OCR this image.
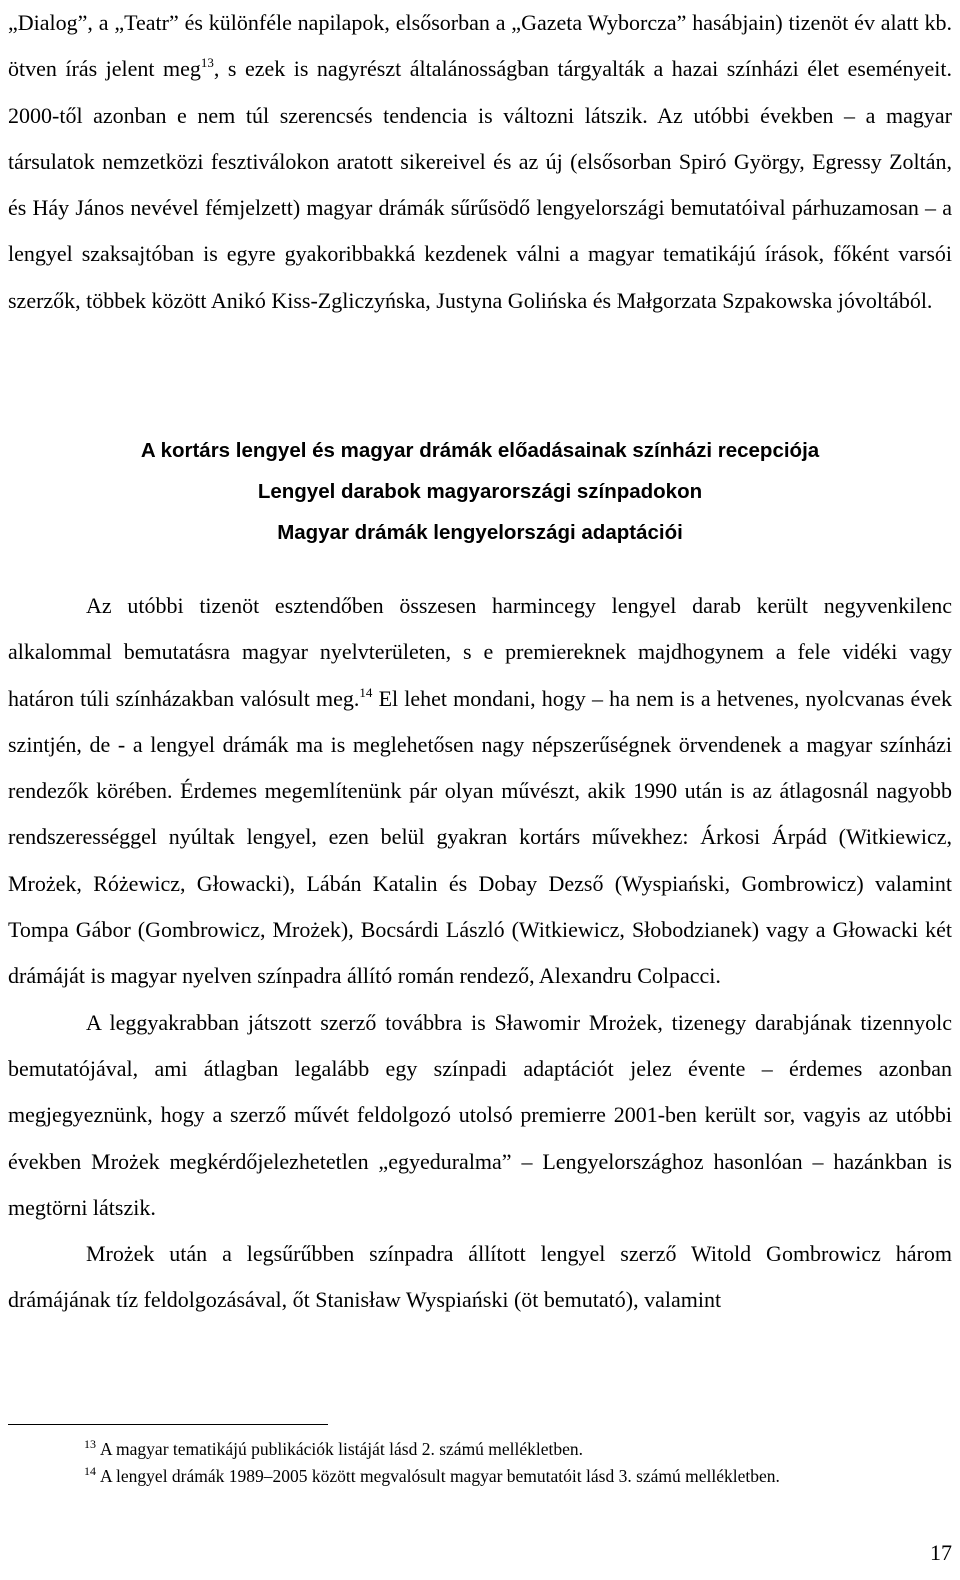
„Dialog”, a „Teatr” és különféle napilapok, elsősorban a „Gazeta Wyborcza” hasábjain) tizenöt év alatt kb. ötven írás jelent meg$^{13}$, s ezek is nagyrészt általánosságban tárgyalták a hazai színházi élet eseményeit. 2000-től azonban e nem túl szerencsés tendencia is változni látszik. Az utóbbi években – a magyar társulatok nemzetközi fesztiválokon aratott sikereivel és az új (elsősorban Spiró György, Egressy Zoltán, és Háy János nevével fémjelzett) magyar drámák sűrűsödő lengyelországi bemutatóival párhuzamosan – a lengyel szaksajtóban is egyre gyakoribbakká kezdenek válni a magyar tematikájú írások, főként varsói szerzők, többek között Anikó Kiss-Zgliczyńska, Justyna Golińska és Małgorzata Szpakowska jóvoltából.

A kortárs lengyel és magyar drámák előadásainak színházi recepciója
Lengyel darabok magyarországi színpadokon
Magyar drámák lengyelországi adaptációi

Az utóbbi tizenöt esztendőben összesen harmincegy lengyel darab került negyvenkilenc alkalommal bemutatásra magyar nyelvterületen, s e premiereknek majdhogynem a fele vidéki vagy határon túli színházakban valósult meg.$^{14}$ El lehet mondani, hogy – ha nem is a hetvenes, nyolcvanas évek szintjén, de - a lengyel drámák ma is meglehetősen nagy népszerűségnek örvendenek a magyar színházi rendezők körében. Érdemes megemlítenünk pár olyan művészt, akik 1990 után is az átlagosnál nagyobb rendszerességgel nyúltak lengyel, ezen belül gyakran kortárs művekhez: Árkosi Árpád (Witkiewicz, Mrożek, Różewicz, Głowacki), Lábán Katalin és Dobay Dezső (Wyspiański, Gombrowicz) valamint Tompa Gábor (Gombrowicz, Mrożek), Bocsárdi László (Witkiewicz, Słobodzianek) vagy a Głowacki két drámáját is magyar nyelven színpadra állító román rendező, Alexandru Colpacci.

A leggyakrabban játszott szerző továbbra is Sławomir Mrożek, tizenegy darabjának tizennyolc bemutatójával, ami átlagban legalább egy színpadi adaptációt jelez évente – érdemes azonban megjegyeznünk, hogy a szerző művét feldolgozó utolsó premierre 2001-ben került sor, vagyis az utóbbi években Mrożek megkérdőjelezhetetlen „egyeduralma” – Lengyelországhoz hasonlóan – hazánkban is megtörni látszik.

Mrożek után a legsűrűbben színpadra állított lengyel szerző Witold Gombrowicz három drámájának tíz feldolgozásával, őt Stanisław Wyspiański (öt bemutató), valamint

$^{13}$ A magyar tematikájú publikációk listáját lásd 2. számú mellékletben.
$^{14}$ A lengyel drámák 1989–2005 között megvalósult magyar bemutatóit lásd 3. számú mellékletben.
17
